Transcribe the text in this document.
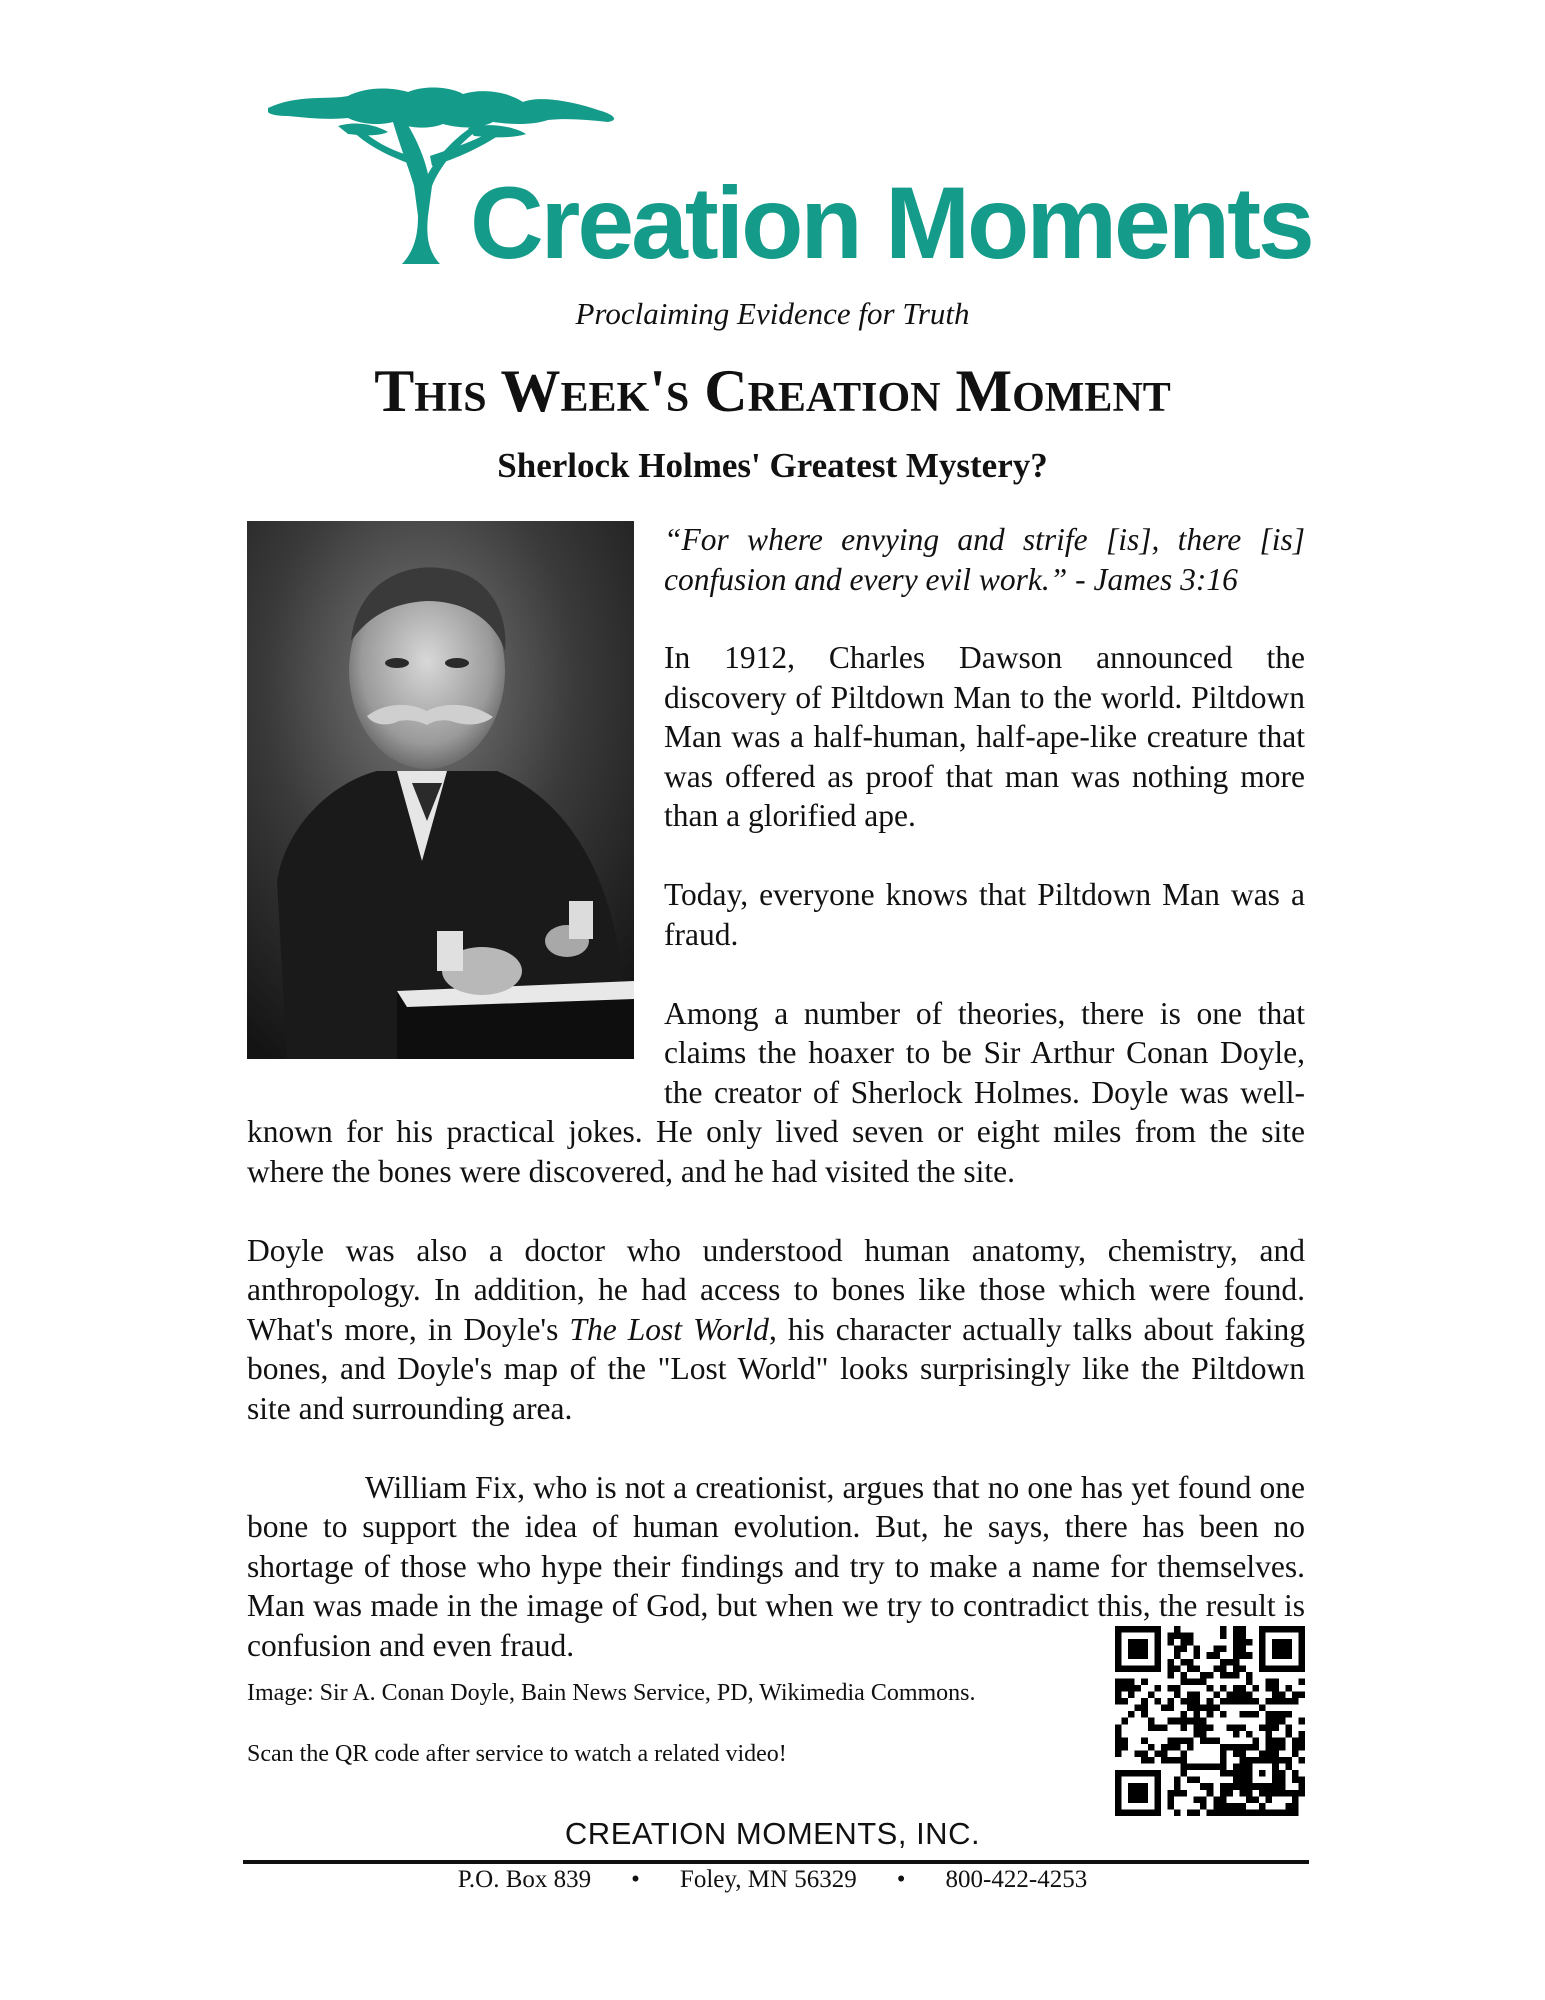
Creation Moments
Proclaiming Evidence for Truth
This Week's Creation Moment
Sherlock Holmes' Greatest Mystery?

“For where envying and strife [is], there [is] confusion and every evil work.” - James 3:16

In 1912, Charles Dawson announced the discovery of Piltdown Man to the world. Piltdown Man was a half-human, half-ape-like creature that was offered as proof that man was nothing more than a glorified ape.

Today, everyone knows that Piltdown Man was a fraud.

Among a number of theories, there is one that claims the hoaxer to be Sir Arthur Conan Doyle, the creator of Sherlock Holmes. Doyle was well-known for his practical jokes. He only lived seven or eight miles from the site where the bones were discovered, and he had visited the site.

Doyle was also a doctor who understood human anatomy, chemistry, and anthropology. In addition, he had access to bones like those which were found. What's more, in Doyle's The Lost World, his character actually talks about faking bones, and Doyle's map of the "Lost World" looks surprisingly like the Piltdown site and surrounding area.

William Fix, who is not a creationist, argues that no one has yet found one bone to support the idea of human evolution. But, he says, there has been no shortage of those who hype their findings and try to make a name for themselves. Man was made in the image of God, but when we try to contradict this, the result is confusion and even fraud.

Image: Sir A. Conan Doyle, Bain News Service, PD, Wikimedia Commons.
Scan the QR code after service to watch a related video!
CREATION MOMENTS, INC.
P.O. Box 839 • Foley, MN 56329 • 800-422-4253
